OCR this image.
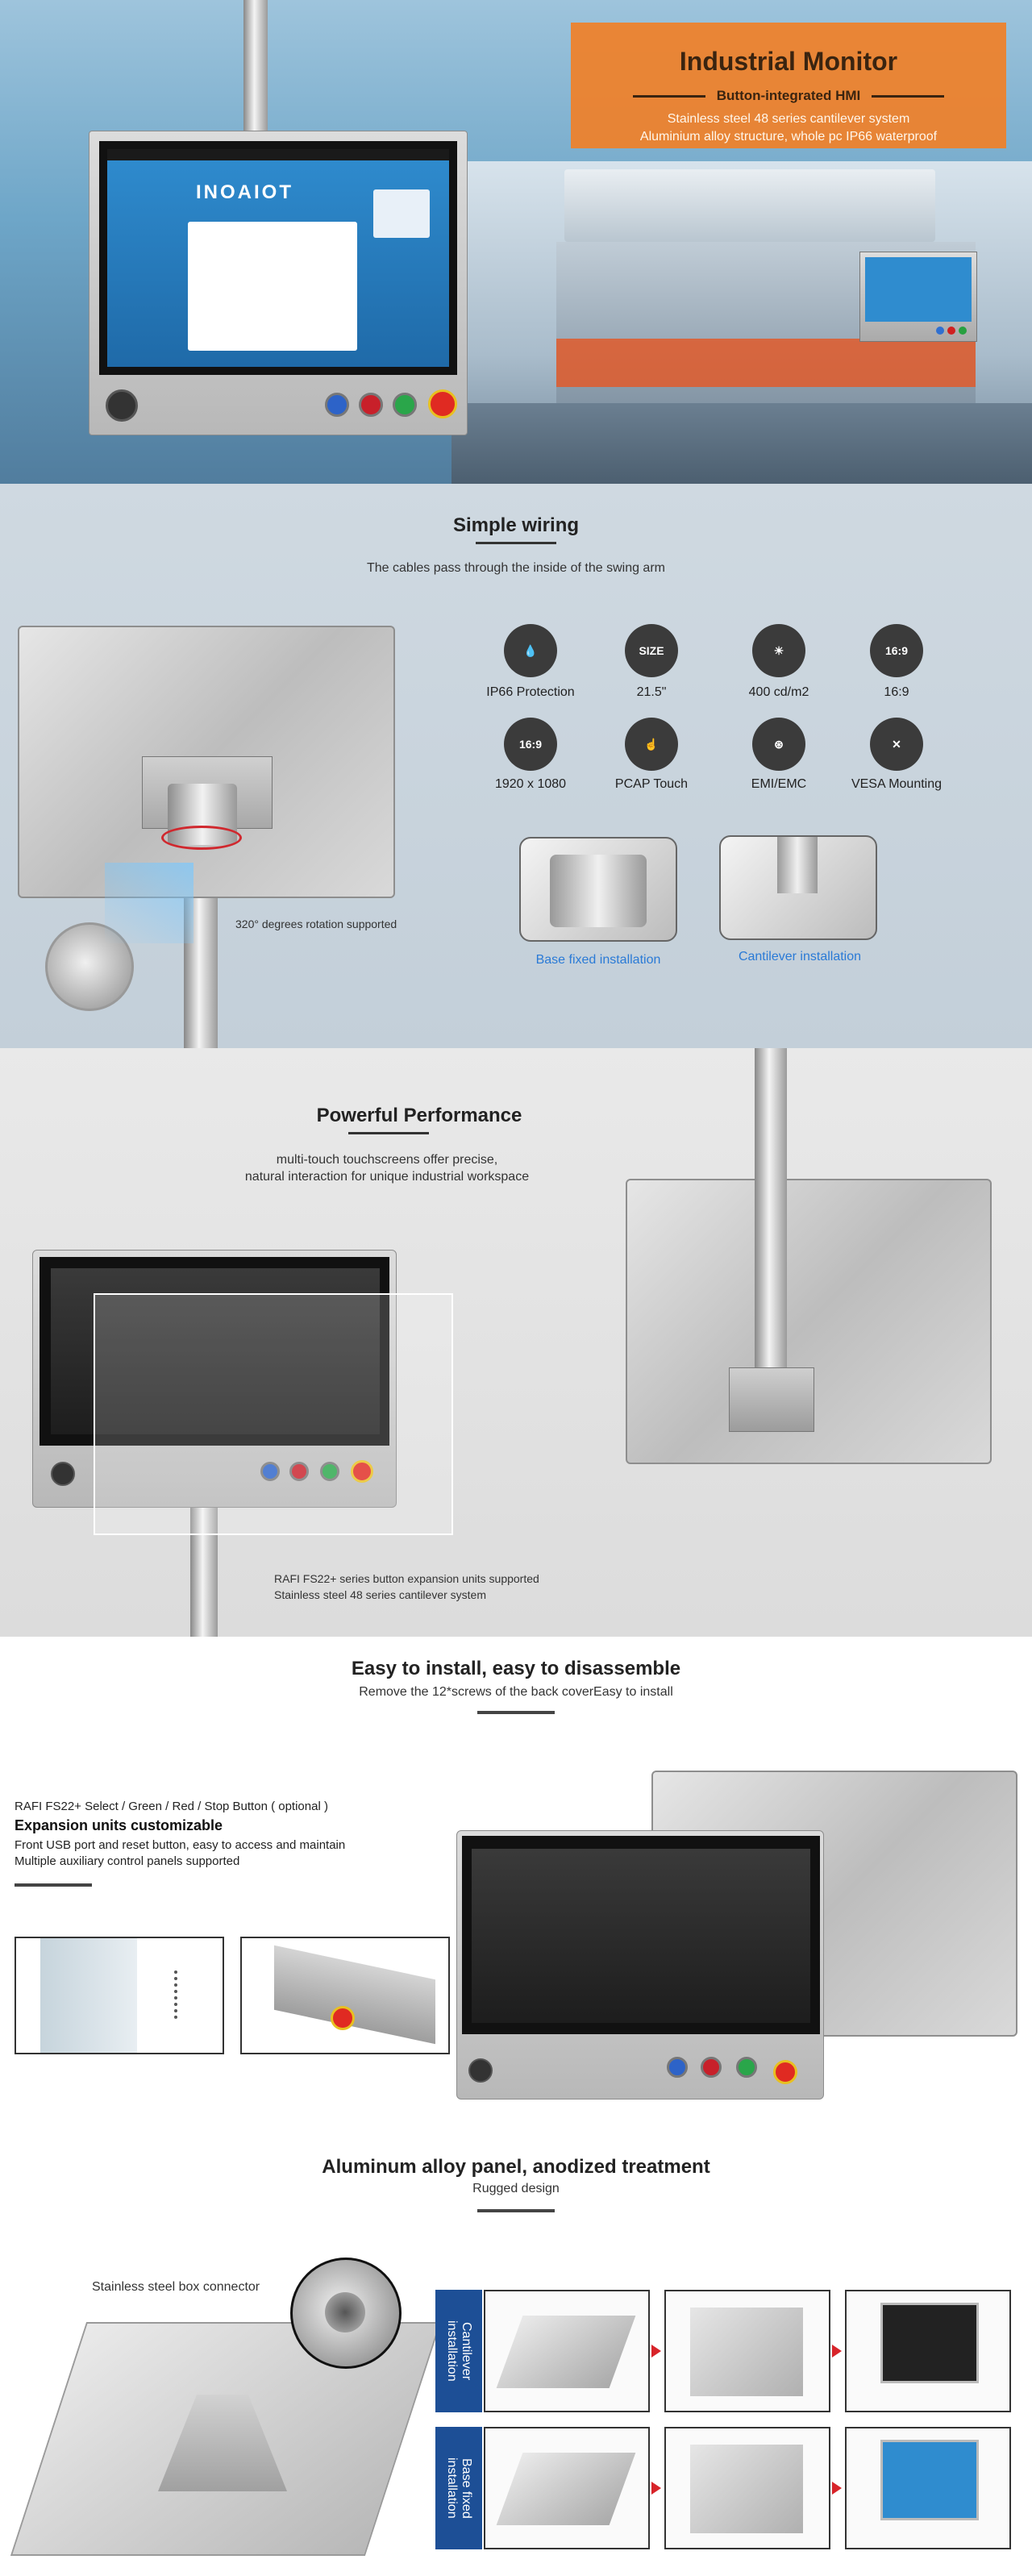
INOAIOT
Industrial Monitor
Button-integrated HMI
Stainless steel 48 series cantilever system
Aluminium alloy structure, whole pc IP66 waterproof
Simple wiring
The cables pass through the inside of the swing arm
320° degrees rotation supported
💧
IP66 Protection
SIZE
21.5"
☀
400 cd/m2
16:9
16:9
16:9
1920 x 1080
☝
PCAP Touch
⊛
EMI/EMC
✕
VESA Mounting
Base fixed installation	Cantilever installation
Powerful Performance
multi-touch touchscreens offer precise,
natural interaction for unique industrial workspace
RAFI FS22+ series button expansion units supported
Stainless steel 48 series cantilever system
Easy to install, easy to disassemble
Remove the 12*screws of the back coverEasy to install
RAFI FS22+ Select / Green / Red / Stop Button ( optional )
Expansion units customizable
Front USB port and reset button, easy to access and maintain
Multiple auxiliary control panels supported
Aluminum alloy panel, anodized treatment
Rugged design
Stainless steel box connector
Cantilever installation
Base fixed installation
